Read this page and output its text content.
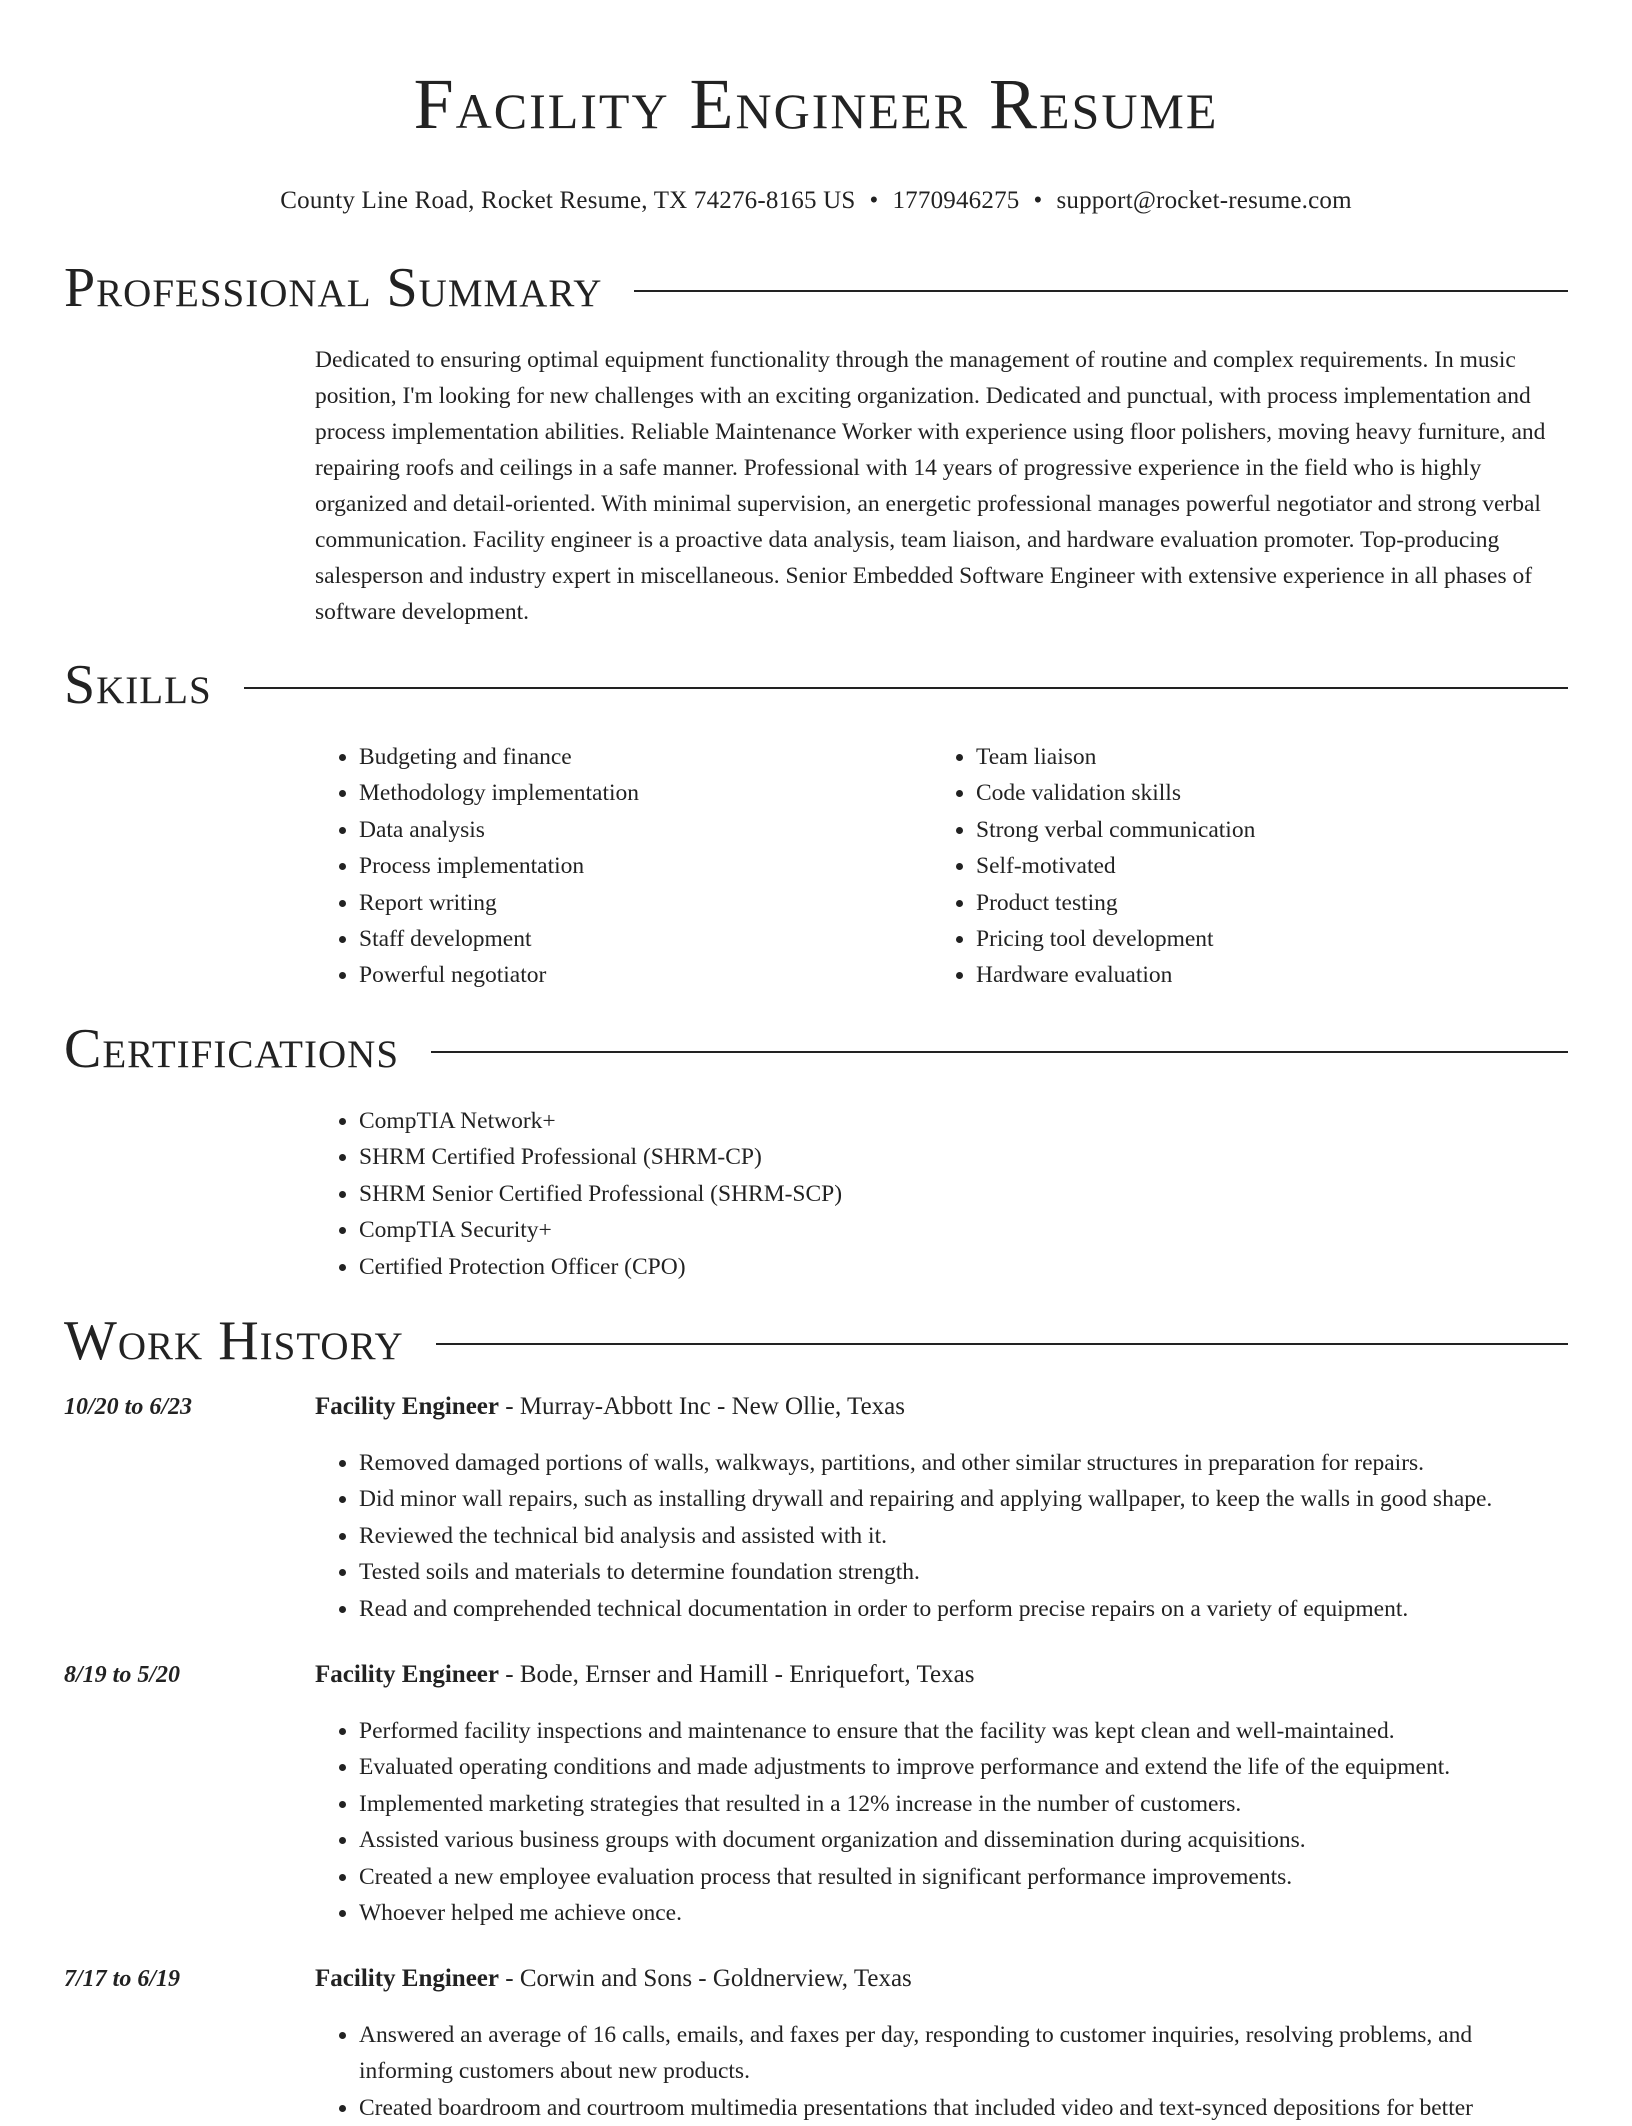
Facility Engineer Resume
County Line Road, Rocket Resume, TX 74276-8165 US • 1770946275 • support@rocket-resume.com
Professional Summary
Dedicated to ensuring optimal equipment functionality through the management of routine and complex requirements. In music position, I'm looking for new challenges with an exciting organization. Dedicated and punctual, with process implementation and process implementation abilities. Reliable Maintenance Worker with experience using floor polishers, moving heavy furniture, and repairing roofs and ceilings in a safe manner. Professional with 14 years of progressive experience in the field who is highly organized and detail-oriented. With minimal supervision, an energetic professional manages powerful negotiator and strong verbal communication. Facility engineer is a proactive data analysis, team liaison, and hardware evaluation promoter. Top-producing salesperson and industry expert in miscellaneous. Senior Embedded Software Engineer with extensive experience in all phases of software development.
Skills
• Budgeting and finance
• Methodology implementation
• Data analysis
• Process implementation
• Report writing
• Staff development
• Powerful negotiator
• Team liaison
• Code validation skills
• Strong verbal communication
• Self-motivated
• Product testing
• Pricing tool development
• Hardware evaluation
Certifications
• CompTIA Network+
• SHRM Certified Professional (SHRM-CP)
• SHRM Senior Certified Professional (SHRM-SCP)
• CompTIA Security+
• Certified Protection Officer (CPO)
Work History
10/20 to 6/23	Facility Engineer - Murray-Abbott Inc - New Ollie, Texas
• Removed damaged portions of walls, walkways, partitions, and other similar structures in preparation for repairs.
• Did minor wall repairs, such as installing drywall and repairing and applying wallpaper, to keep the walls in good shape.
• Reviewed the technical bid analysis and assisted with it.
• Tested soils and materials to determine foundation strength.
• Read and comprehended technical documentation in order to perform precise repairs on a variety of equipment.
8/19 to 5/20	Facility Engineer - Bode, Ernser and Hamill - Enriquefort, Texas
• Performed facility inspections and maintenance to ensure that the facility was kept clean and well-maintained.
• Evaluated operating conditions and made adjustments to improve performance and extend the life of the equipment.
• Implemented marketing strategies that resulted in a 12% increase in the number of customers.
• Assisted various business groups with document organization and dissemination during acquisitions.
• Created a new employee evaluation process that resulted in significant performance improvements.
• Whoever helped me achieve once.
7/17 to 6/19	Facility Engineer - Corwin and Sons - Goldnerview, Texas
• Answered an average of 16 calls, emails, and faxes per day, responding to customer inquiries, resolving problems, and informing customers about new products.
• Created boardroom and courtroom multimedia presentations that included video and text-synced depositions for better
